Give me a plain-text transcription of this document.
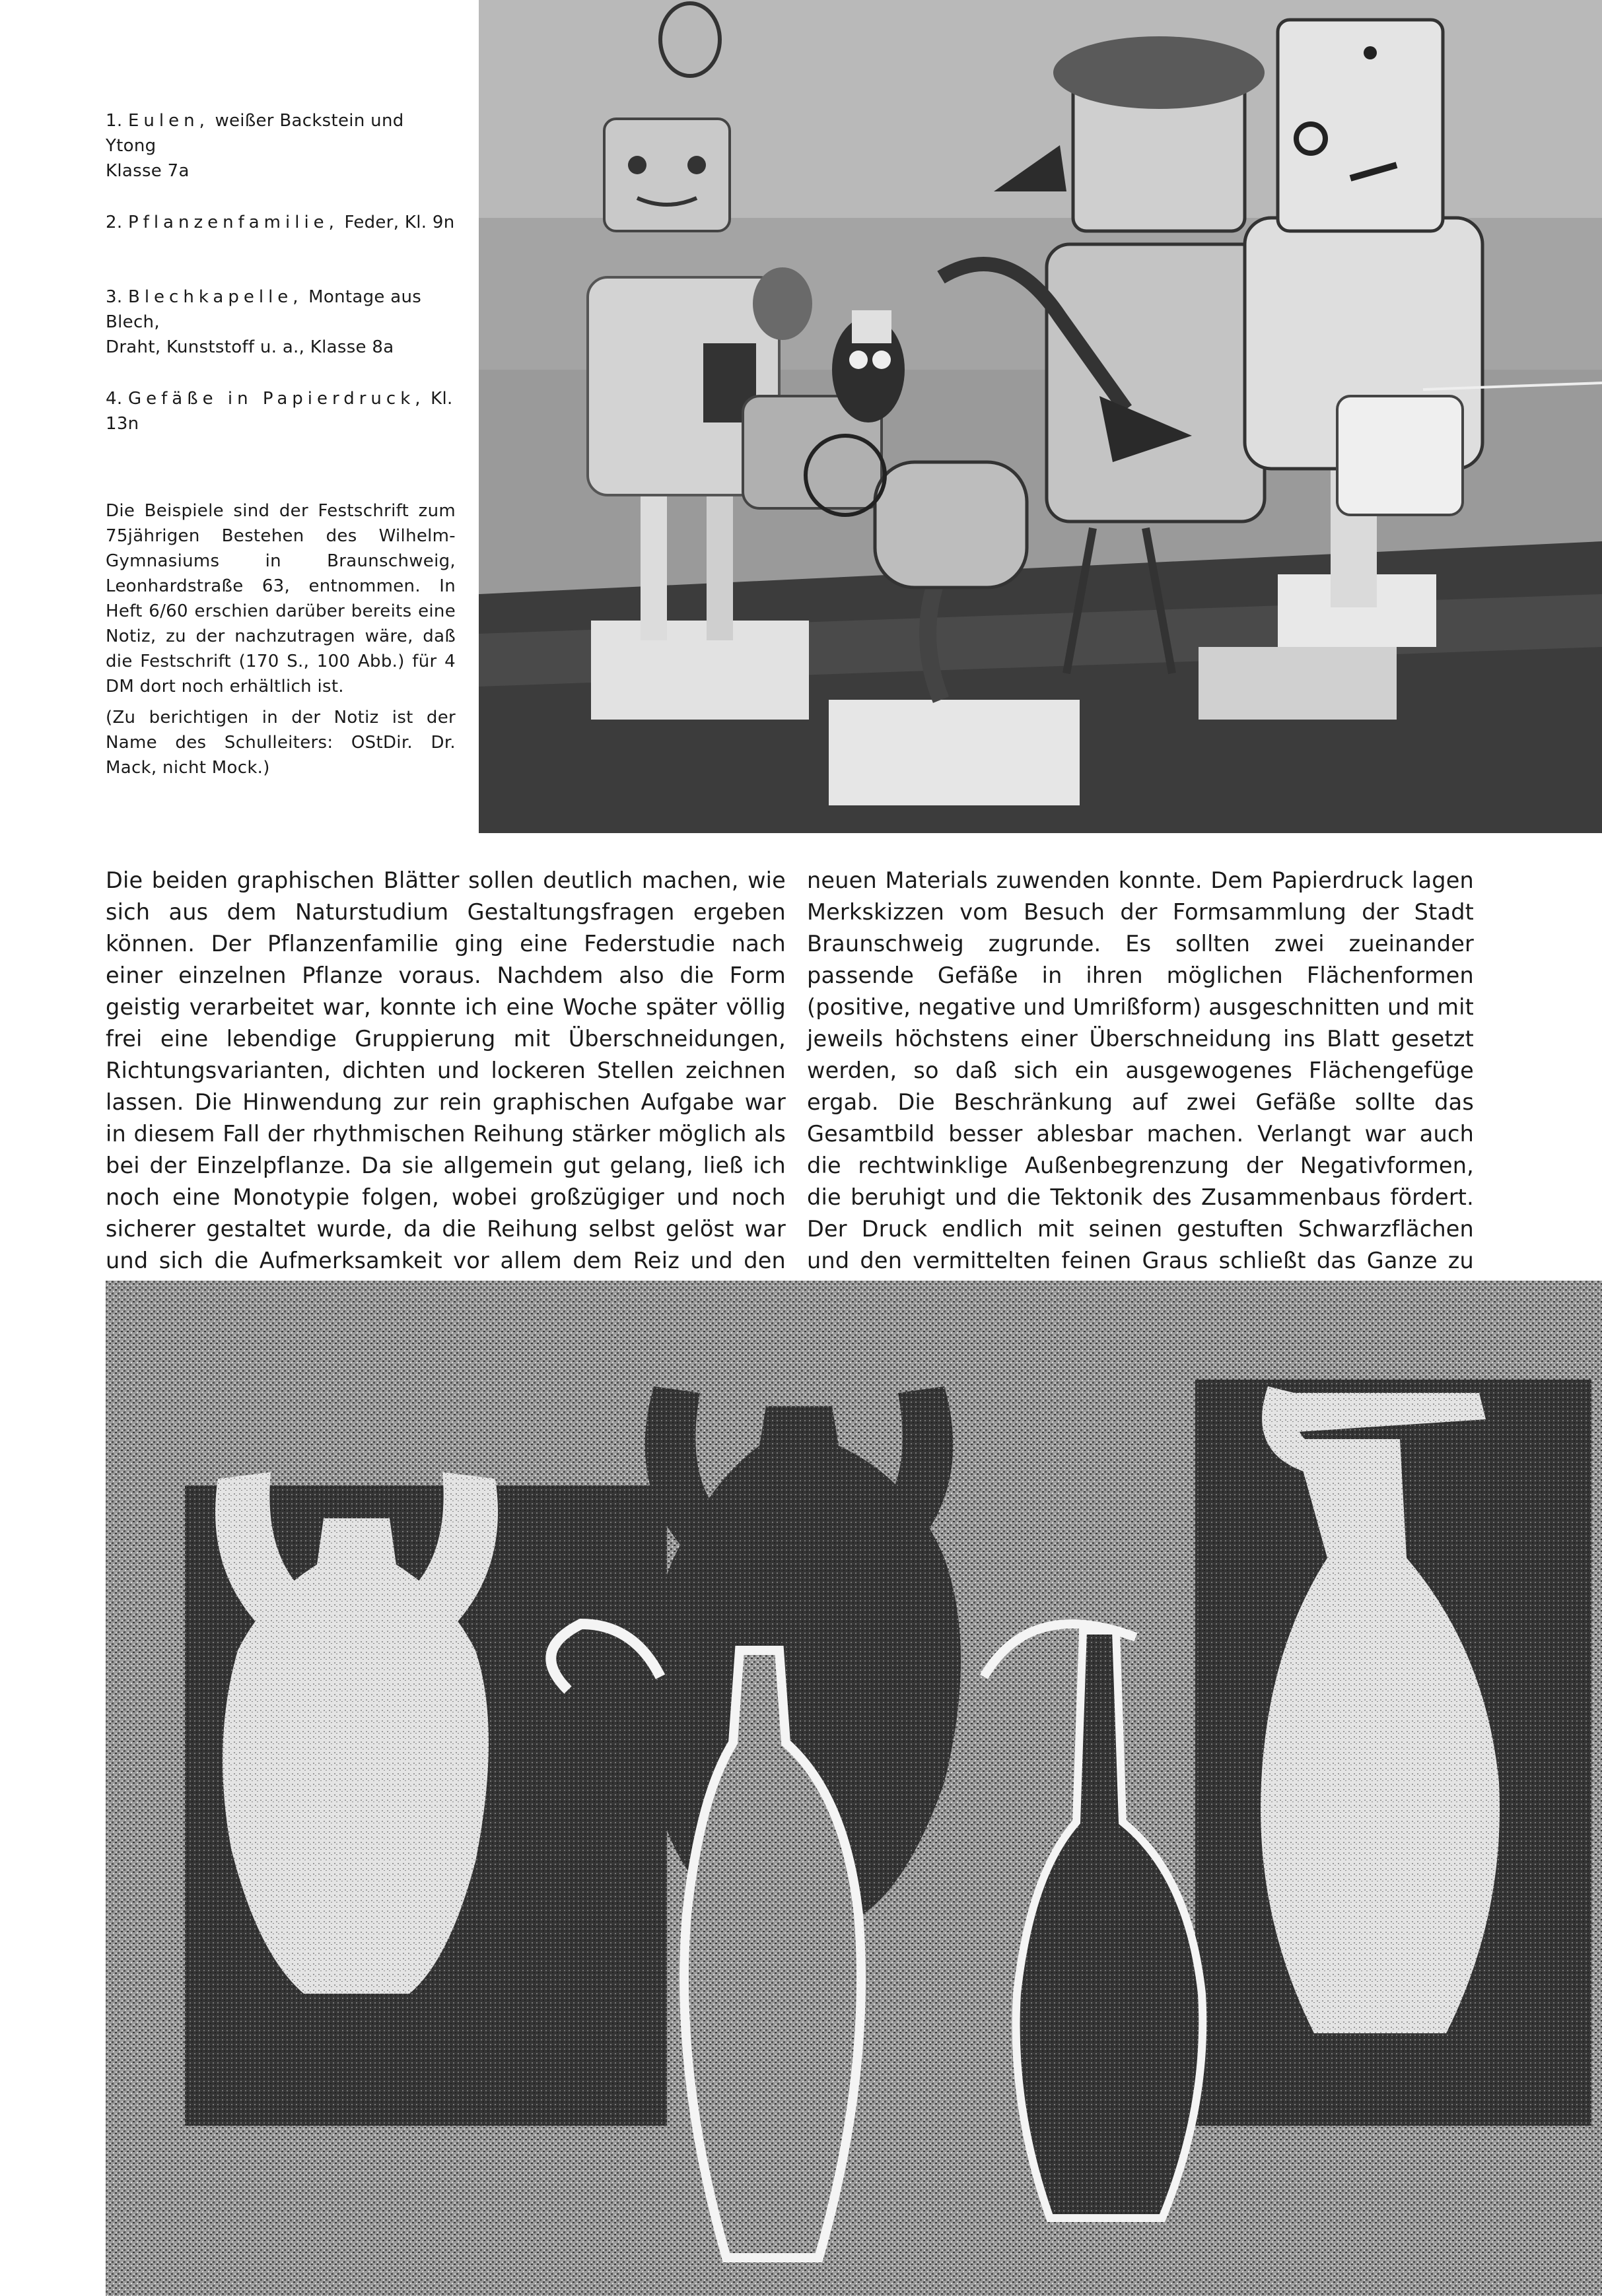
1. Eulen, weißer Backstein und Ytong
Klasse 7a

2. Pflanzenfamilie, Feder, Kl. 9n

3. Blechkapelle, Montage aus Blech,
Draht, Kunststoff u. a., Klasse 8a

4. Gefäße in Papierdruck, Kl. 13n

Die Beispiele sind der Festschrift zum 75jährigen Bestehen des Wilhelm-Gymnasiums in Braunschweig, Leonhardstraße 63, entnommen. In Heft 6/60 erschien darüber bereits eine Notiz, zu der nachzutragen wäre, daß die Festschrift (170 S., 100 Abb.) für 4 DM dort noch erhältlich ist.

(Zu berichtigen in der Notiz ist der Name des Schulleiters: OStDir. Dr. Mack, nicht Mock.)

Die beiden graphischen Blätter sollen deutlich machen, wie sich aus dem Naturstudium Gestaltungsfragen ergeben können. Der Pflanzenfamilie ging eine Federstudie nach einer einzelnen Pflanze voraus. Nachdem also die Form geistig verarbeitet war, konnte ich eine Woche später völlig frei eine lebendige Gruppierung mit Überschneidungen, Richtungsvarianten, dichten und lockeren Stellen zeichnen lassen. Die Hinwendung zur rein graphischen Aufgabe war in diesem Fall der rhythmischen Reihung stärker möglich als bei der Einzelpflanze. Da sie allgemein gut gelang, ließ ich noch eine Monotypie folgen, wobei großzügiger und noch sicherer gestaltet wurde, da die Reihung selbst gelöst war und sich die Aufmerksamkeit vor allem dem Reiz und den

neuen Materials zuwenden konnte. Dem Papierdruck lagen Merkskizzen vom Besuch der Formsammlung der Stadt Braunschweig zugrunde. Es sollten zwei zueinander passende Gefäße in ihren möglichen Flächenformen (positive, negative und Umrißform) ausgeschnitten und mit jeweils höchstens einer Überschneidung ins Blatt gesetzt werden, so daß sich ein ausgewogenes Flächengefüge ergab. Die Beschränkung auf zwei Gefäße sollte das Gesamtbild besser ablesbar machen. Verlangt war auch die rechtwinklige Außenbegrenzung der Negativformen, die beruhigt und die Tektonik des Zusammenbaus fördert. Der Druck endlich mit seinen gestuften Schwarzflächen und den vermittelten feinen Graus schließt das Ganze zu
